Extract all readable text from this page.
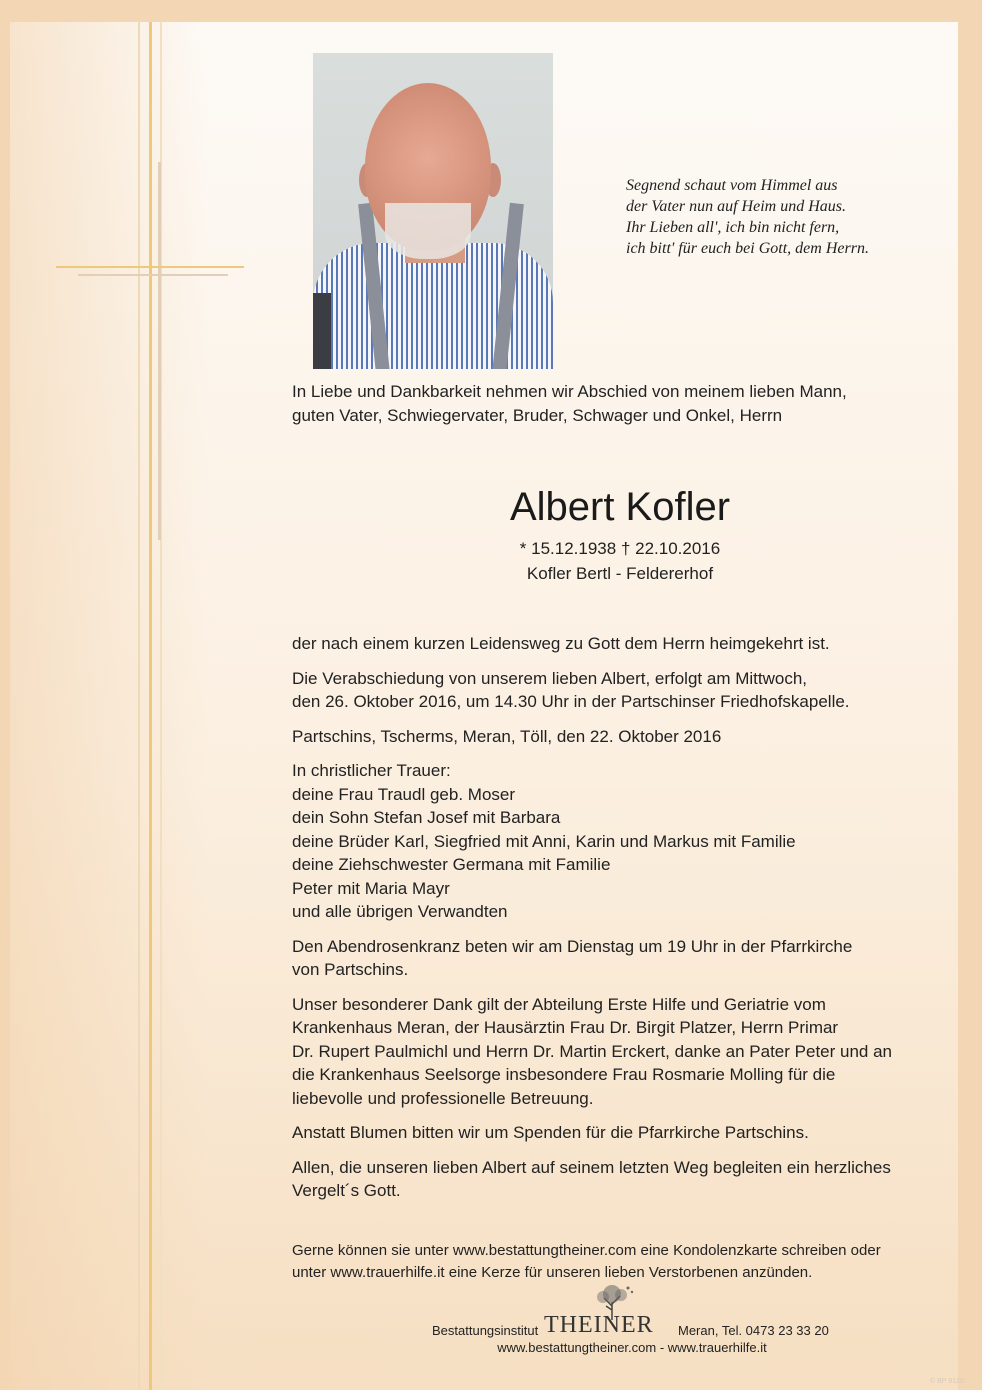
Segnend schaut vom Himmel aus
der Vater nun auf Heim und Haus.
Ihr Lieben all', ich bin nicht fern,
ich bitt' für euch bei Gott, dem Herrn.
In Liebe und Dankbarkeit nehmen wir Abschied von meinem lieben Mann,
guten Vater, Schwiegervater, Bruder, Schwager und Onkel, Herrn
Albert Kofler
* 15.12.1938 † 22.10.2016
Kofler Bertl - Feldererhof

der nach einem kurzen Leidensweg zu Gott dem Herrn heimgekehrt ist.

Die Verabschiedung von unserem lieben Albert, erfolgt am Mittwoch,
den 26. Oktober 2016, um 14.30 Uhr in der Partschinser Friedhofskapelle.

Partschins, Tscherms, Meran, Töll, den 22. Oktober 2016

In christlicher Trauer:
deine Frau Traudl geb. Moser
dein Sohn Stefan Josef mit Barbara
deine Brüder Karl, Siegfried mit Anni, Karin und Markus mit Familie
deine Ziehschwester Germana mit Familie
Peter mit Maria Mayr
und alle übrigen Verwandten

Den Abendrosenkranz beten wir am Dienstag um 19 Uhr in der Pfarrkirche
von Partschins.

Unser besonderer Dank gilt der Abteilung Erste Hilfe und Geriatrie vom
Krankenhaus Meran, der Hausärztin Frau Dr. Birgit Platzer, Herrn Primar
Dr. Rupert Paulmichl und Herrn Dr. Martin Erckert, danke an Pater Peter und an
die Krankenhaus Seelsorge insbesondere Frau Rosmarie Molling für die
liebevolle und professionelle Betreuung.

Anstatt Blumen bitten wir um Spenden für die Pfarrkirche Partschins.

Allen, die unseren lieben Albert auf seinem letzten Weg begleiten ein herzliches
Vergelt´s Gott.

Gerne können sie unter www.bestattungtheiner.com eine Kondolenzkarte schreiben oder
unter www.trauerhilfe.it eine Kerze für unseren lieben Verstorbenen anzünden.
Bestattungsinstitut THEINER Meran, Tel. 0473 23 33 20
www.bestattungtheiner.com - www.trauerhilfe.it
© BP 9120
